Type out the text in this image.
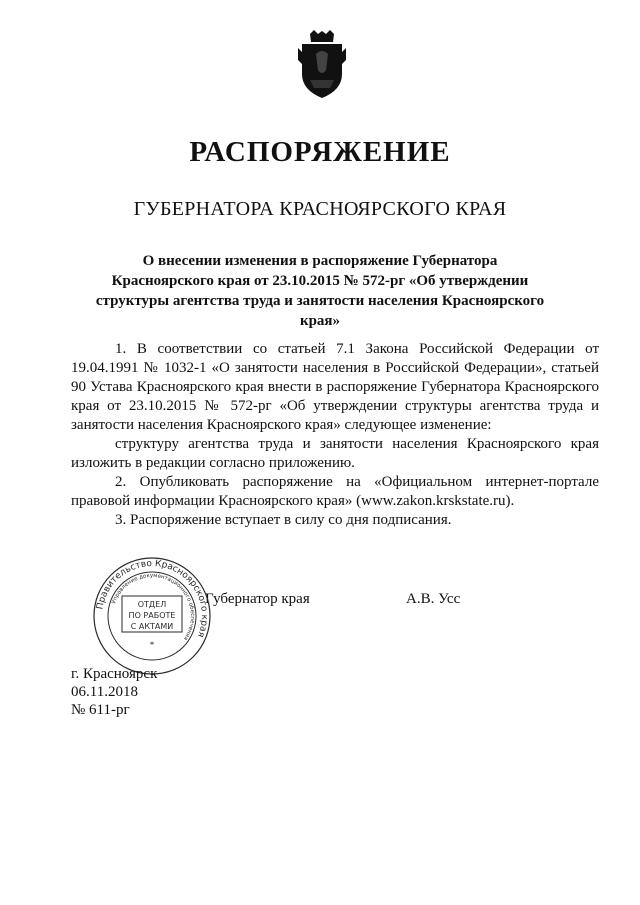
РАСПОРЯЖЕНИЕ
ГУБЕРНАТОРА КРАСНОЯРСКОГО КРАЯ
О внесении изменения в распоряжение Губернатора
Красноярского края от 23.10.2015 № 572-рг «Об утверждении
структуры агентства труда и занятости населения Красноярского края»

1. В соответствии со статьей 7.1 Закона Российской Федерации от 19.04.1991 № 1032-1 «О занятости населения в Российской Федерации», статьей 90 Устава Красноярского края внести в распоряжение Губернатора Красноярского края от 23.10.2015 № 572-рг «Об утверждении структуры агентства труда и занятости населения Красноярского края» следующее изменение:

структуру агентства труда и занятости населения Красноярского края изложить в редакции согласно приложению.

2. Опубликовать распоряжение на «Официальном интернет-портале правовой информации Красноярского края» (www.zakon.krskstate.ru).

3. Распоряжение вступает в силу со дня подписания.

Губернатор края	А.В. Усс
Правительство Красноярского края
Управление документационного обеспечения
ОТДЕЛ
ПО РАБОТЕ
С АКТАМИ
*
г. Красноярск
06.11.2018
№ 611-рг
